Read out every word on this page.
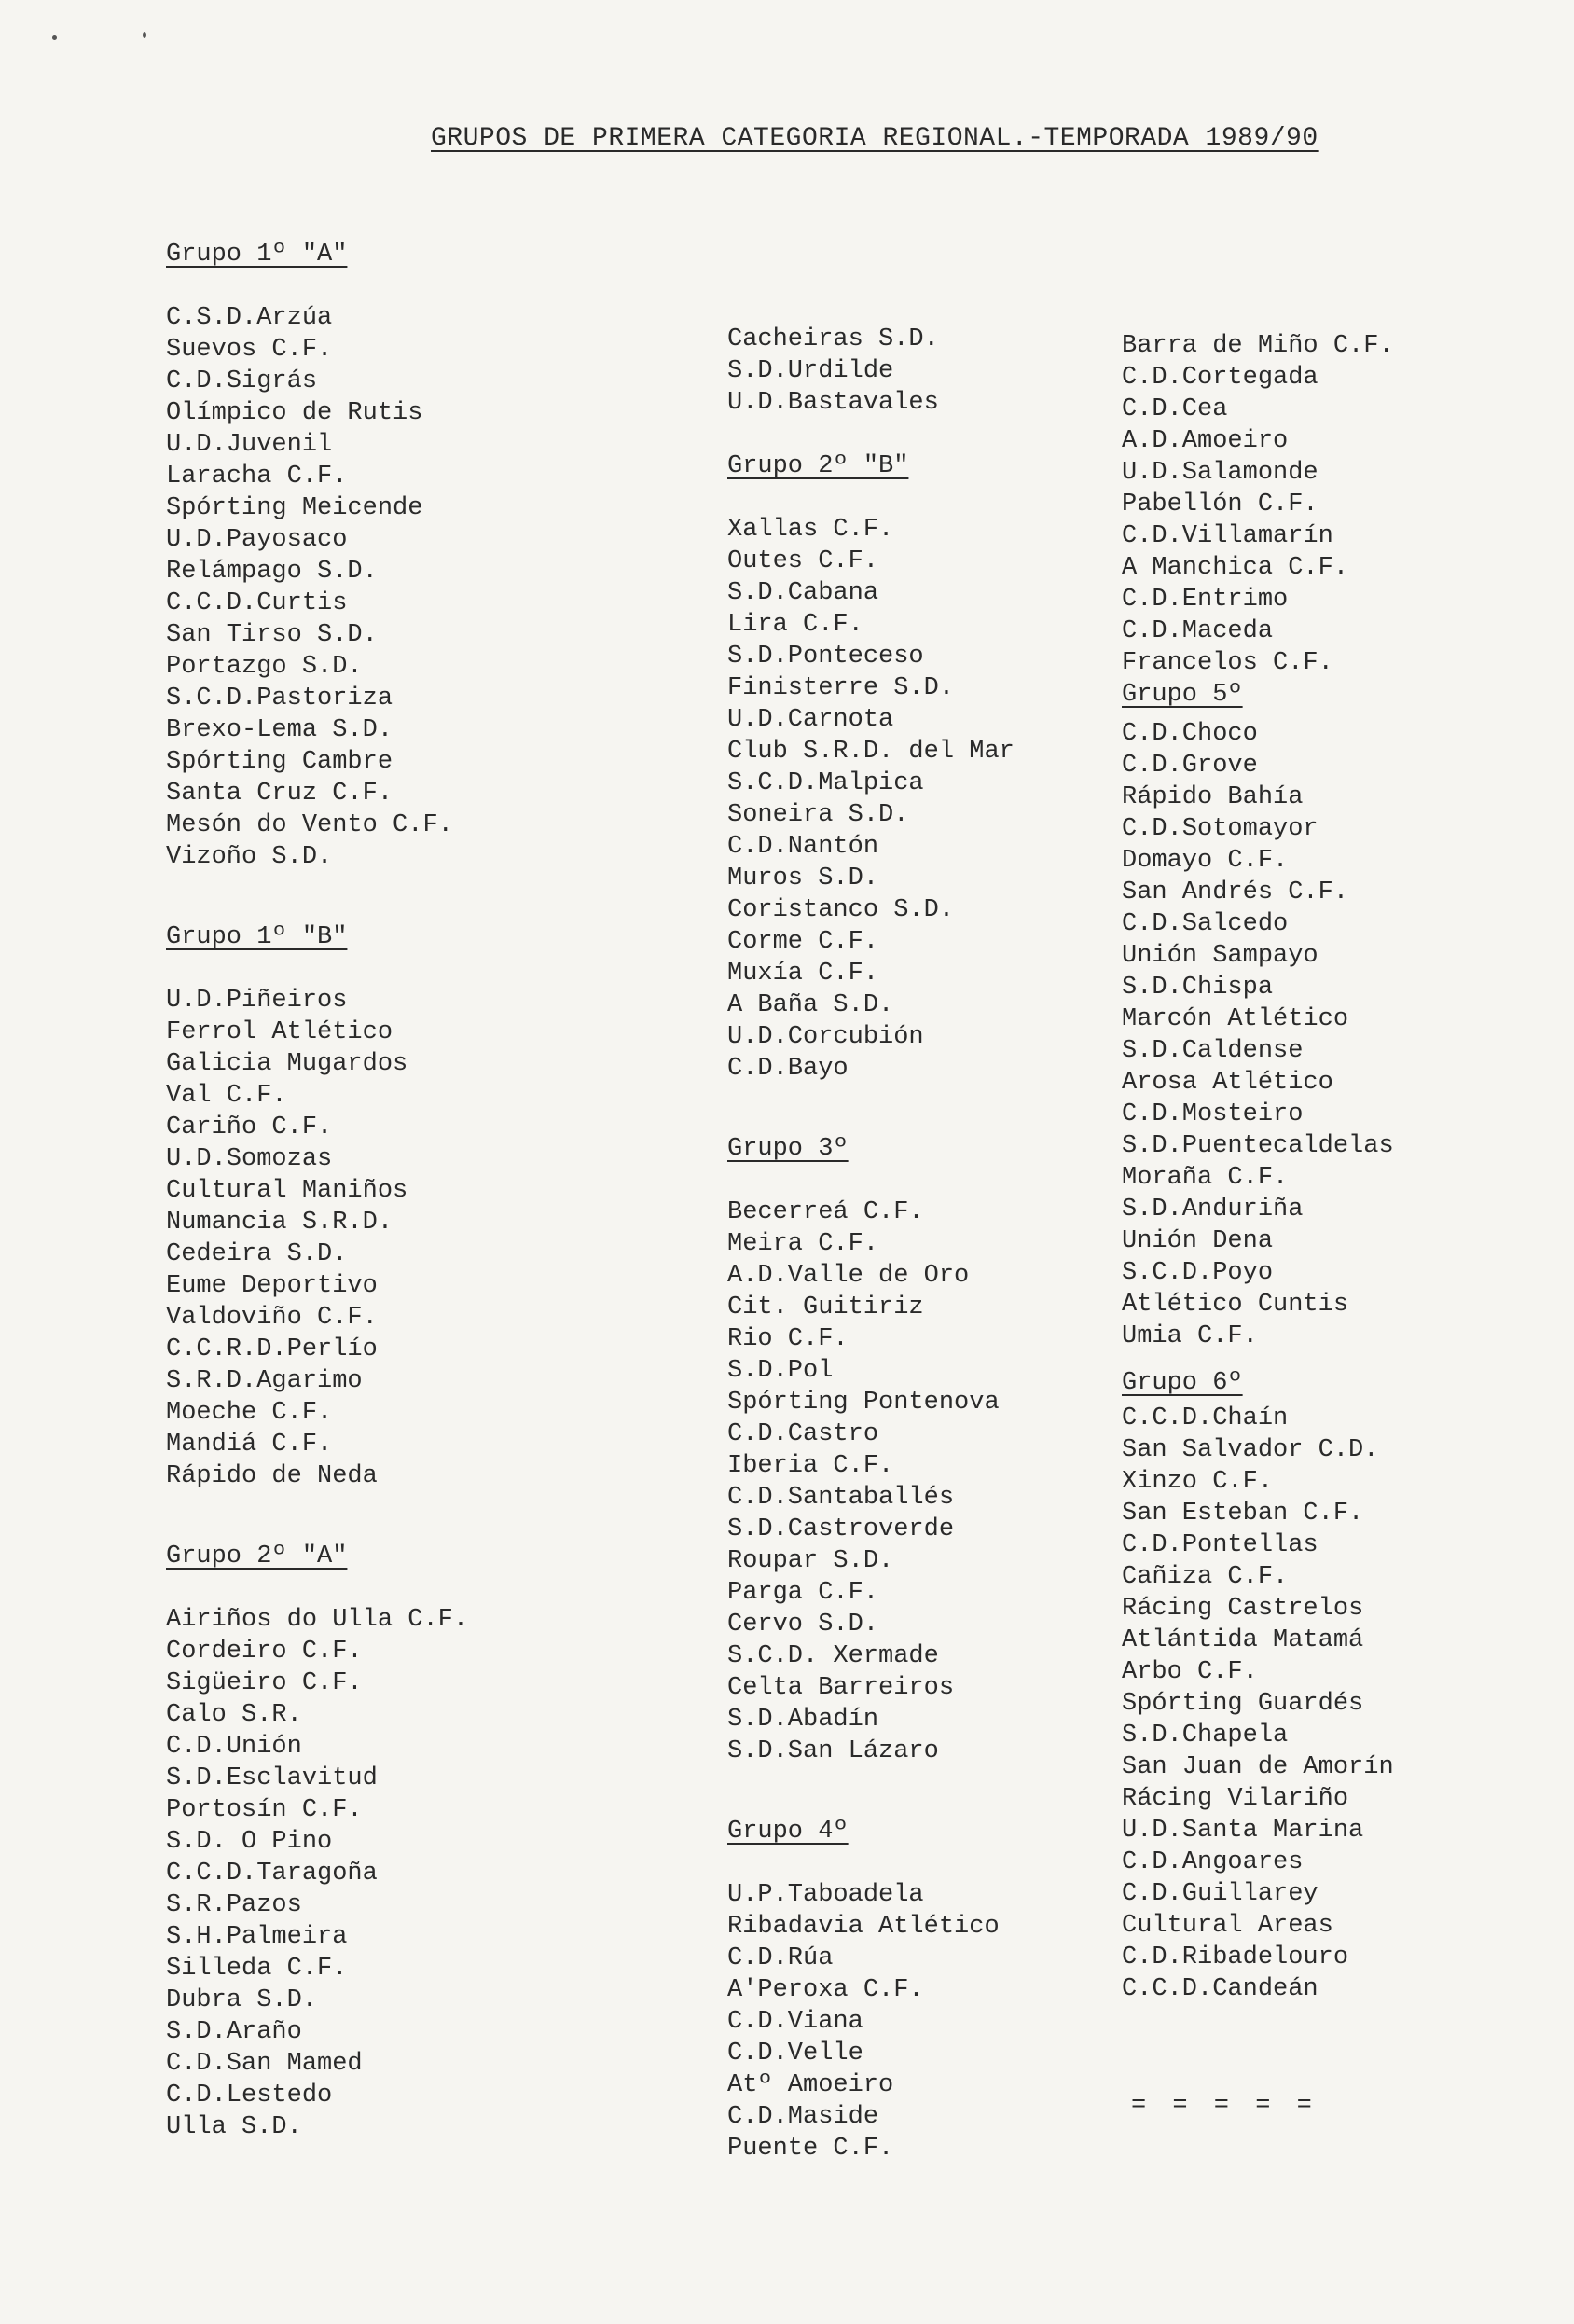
GRUPOS DE PRIMERA CATEGORIA REGIONAL.-TEMPORADA 1989/90
Grupo 1º "A"
C.S.D.Arzúa
Suevos C.F.
C.D.Sigrás
Olímpico de Rutis
U.D.Juvenil
Laracha C.F.
Spórting Meicende
U.D.Payosaco
Relámpago S.D.
C.C.D.Curtis
San Tirso S.D.
Portazgo S.D.
S.C.D.Pastoriza
Brexo-Lema S.D.
Spórting Cambre
Santa Cruz C.F.
Mesón do Vento C.F.
Vizoño S.D.
Grupo 1º "B"
U.D.Piñeiros
Ferrol Atlético
Galicia Mugardos
Val C.F.
Cariño C.F.
U.D.Somozas
Cultural Maniños
Numancia S.R.D.
Cedeira S.D.
Eume Deportivo
Valdoviño C.F.
C.C.R.D.Perlío
S.R.D.Agarimo
Moeche C.F.
Mandiá C.F.
Rápido de Neda
Grupo 2º "A"
Airiños do Ulla C.F.
Cordeiro C.F.
Sigüeiro C.F.
Calo S.R.
C.D.Unión
S.D.Esclavitud
Portosín C.F.
S.D. O Pino
C.C.D.Taragoña
S.R.Pazos
S.H.Palmeira
Silleda C.F.
Dubra S.D.
S.D.Araño
C.D.San Mamed
C.D.Lestedo
Ulla S.D.
Cacheiras S.D.
S.D.Urdilde
U.D.Bastavales
Grupo 2º "B"
Xallas C.F.
Outes C.F.
S.D.Cabana
Lira C.F.
S.D.Ponteceso
Finisterre S.D.
U.D.Carnota
Club S.R.D. del Mar
S.C.D.Malpica
Soneira S.D.
C.D.Nantón
Muros S.D.
Coristanco S.D.
Corme C.F.
Muxía C.F.
A Baña S.D.
U.D.Corcubión
C.D.Bayo
Grupo 3º
Becerreá C.F.
Meira C.F.
A.D.Valle de Oro
Cit. Guitiriz
Rio C.F.
S.D.Pol
Spórting Pontenova
C.D.Castro
Iberia C.F.
C.D.Santaballés
S.D.Castroverde
Roupar S.D.
Parga C.F.
Cervo S.D.
S.C.D. Xermade
Celta Barreiros
S.D.Abadín
S.D.San Lázaro
Grupo 4º
U.P.Taboadela
Ribadavia Atlético
C.D.Rúa
A'Peroxa C.F.
C.D.Viana
C.D.Velle
Atº Amoeiro
C.D.Maside
Puente C.F.
Barra de Miño C.F.
C.D.Cortegada
C.D.Cea
A.D.Amoeiro
U.D.Salamonde
Pabellón C.F.
C.D.Villamarín
A Manchica C.F.
C.D.Entrimo
C.D.Maceda
Francelos C.F.
Grupo 5º
C.D.Choco
C.D.Grove
Rápido Bahía
C.D.Sotomayor
Domayo C.F.
San Andrés C.F.
C.D.Salcedo
Unión Sampayo
S.D.Chispa
Marcón Atlético
S.D.Caldense
Arosa Atlético
C.D.Mosteiro
S.D.Puentecaldelas
Moraña C.F.
S.D.Anduriña
Unión Dena
S.C.D.Poyo
Atlético Cuntis
Umia C.F.
Grupo 6º
C.C.D.Chaín
San Salvador C.D.
Xinzo C.F.
San Esteban C.F.
C.D.Pontellas
Cañiza C.F.
Rácing Castrelos
Atlántida Matamá
Arbo C.F.
Spórting Guardés
S.D.Chapela
San Juan de Amorín
Rácing Vilariño
U.D.Santa Marina
C.D.Angoares
C.D.Guillarey
Cultural Areas
C.D.Ribadelouro
C.C.D.Candeán
= = = = =
